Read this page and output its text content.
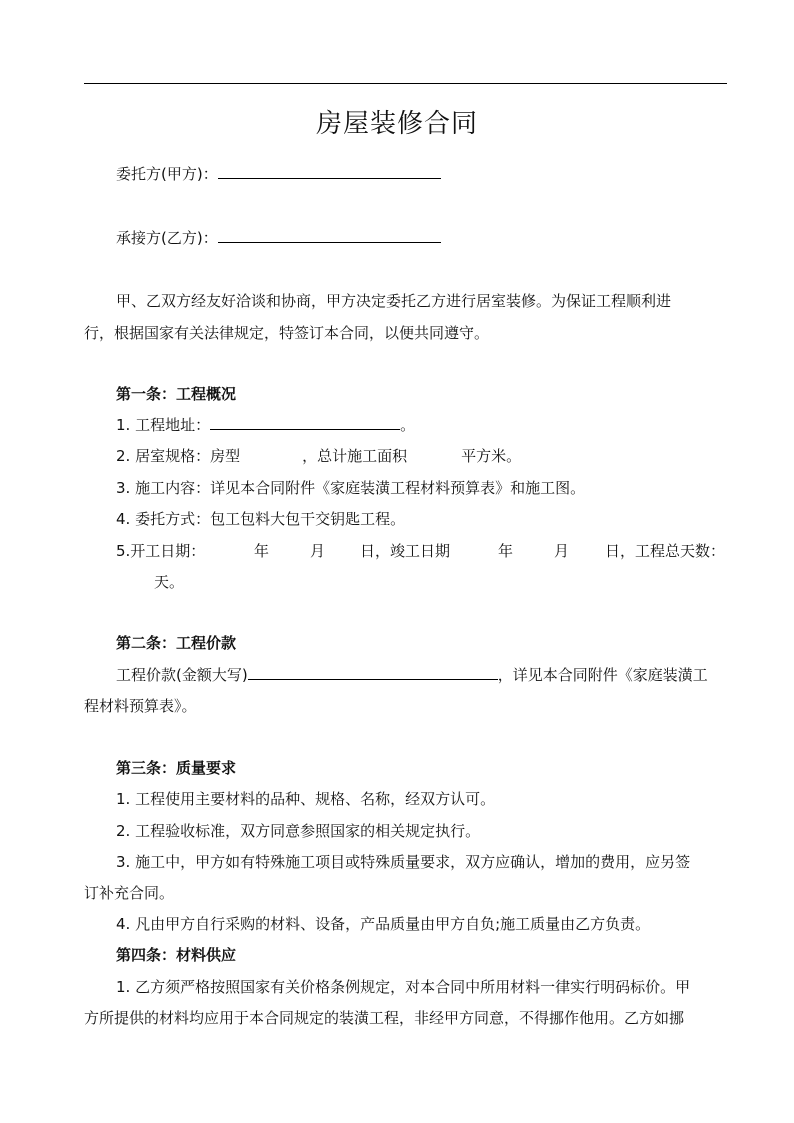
房屋装修合同
委托方(甲方)：
承接方(乙方)：
甲、乙双方经友好洽谈和协商，甲方决定委托乙方进行居室装修。为保证工程顺利进
行，根据国家有关法律规定，特签订本合同，以便共同遵守。
第一条：工程概况
1. 工程地址：	。
2. 居室规格：房型	，总计施工面积	平方米。
3. 施工内容：详见本合同附件《家庭装潢工程材料预算表》和施工图。
4. 委托方式：包工包料大包干交钥匙工程。
5.开工日期：	年	月 日，竣工日期	年	月 日，工程总天数：
天。
第二条：工程价款
工程价款(金额大写)	，详见本合同附件《家庭装潢工
程材料预算表》。
第三条：质量要求
1. 工程使用主要材料的品种、规格、名称，经双方认可。
2. 工程验收标准，双方同意参照国家的相关规定执行。
3. 施工中，甲方如有特殊施工项目或特殊质量要求，双方应确认，增加的费用，应另签
订补充合同。
4. 凡由甲方自行采购的材料、设备，产品质量由甲方自负;施工质量由乙方负责。
第四条：材料供应
1. 乙方须严格按照国家有关价格条例规定，对本合同中所用材料一律实行明码标价。甲
方所提供的材料均应用于本合同规定的装潢工程，非经甲方同意，不得挪作他用。乙方如挪
